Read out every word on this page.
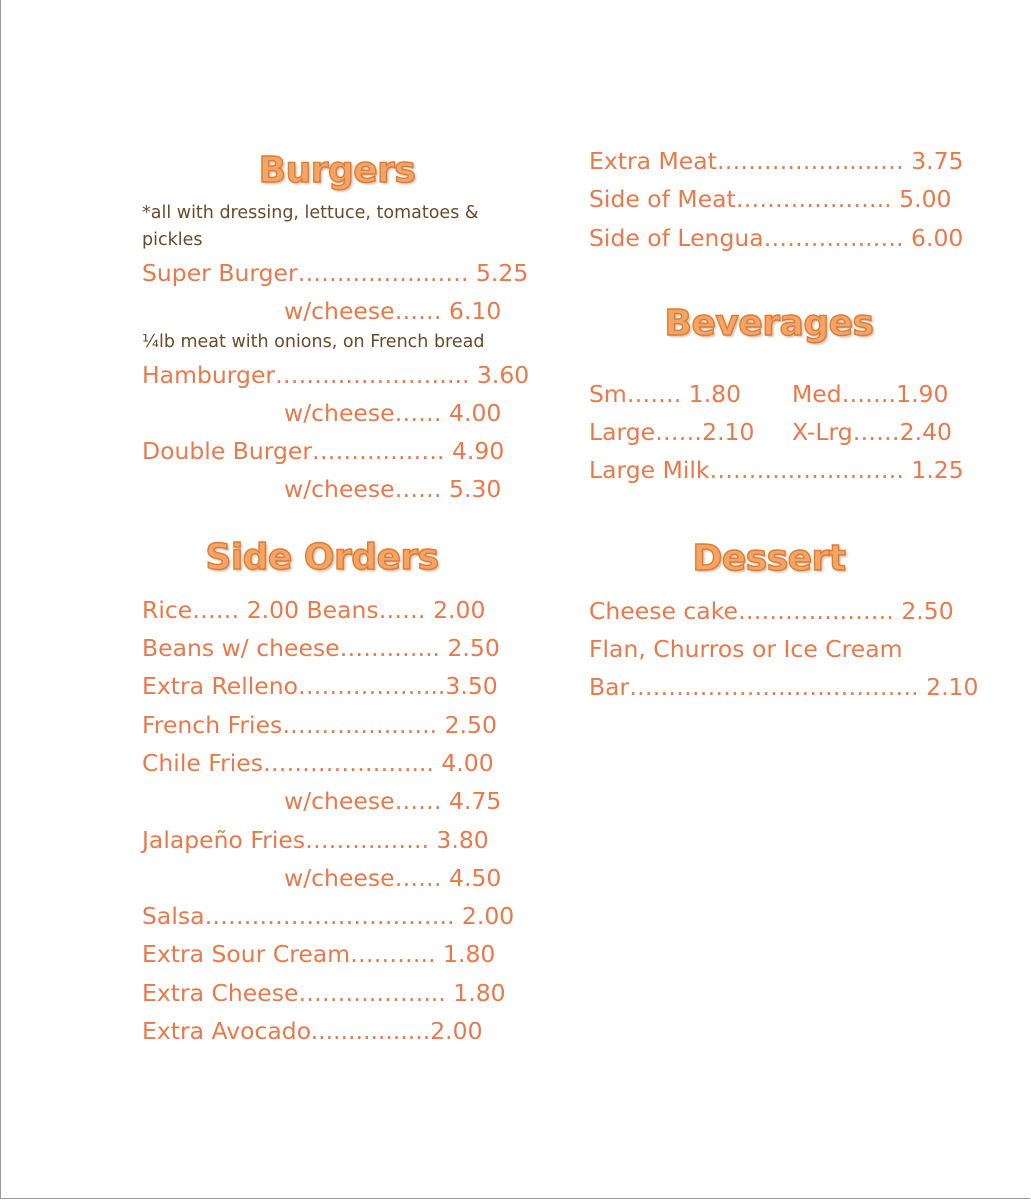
Burgers
*all with dressing, lettuce, tomatoes & pickles
Super Burger……….……..…. 5.25
w/cheese…… 6.10
¼lb meat with onions, on French bread
Hamburger……….…………... 3.60
w/cheese…… 4.00
Double Burger……….……. 4.90
w/cheese…… 5.30
Side Orders
Rice…… 2.00 Beans…… 2.00
Beans w/ cheese…….…... 2.50
Extra Relleno……………....3.50
French Fries……….…..….. 2.50
Chile Fries……………….... 4.00
w/cheese…… 4.75
Jalapeño Fries………..….. 3.80
w/cheese…… 4.50
Salsa………………………….. 2.00
Extra Sour Cream……….. 1.80
Extra Cheese……….……... 1.80
Extra Avocado................2.00
Extra Meat……….……..…… 3.75
Side of Meat……………….. 5.00
Side of Lengua…………..…. 6.00
Beverages
Sm……. 1.80	Med…….1.90
Large……2.10	X-Lrg……2.40
Large Milk……….……..……. 1.25
Dessert
Cheese cake………….……. 2.50
Flan, Churros or Ice Cream
Bar………………………………. 2.10
